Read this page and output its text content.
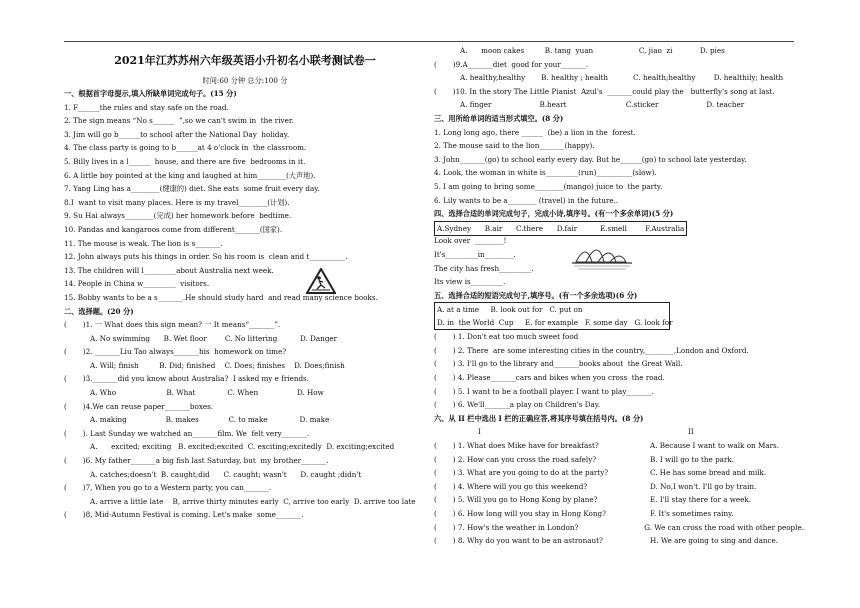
2021年江苏苏州六年级英语小升初名小联考测试卷一
时间:60 分钟 总分:100 分
一、根据首字母提示,填入所缺单词完成句子。(15 分)
1. F______the rules and stay safe on the road.
2. The sign means “No s______  ”,so we can't swim in  the river.
3. Jim will go b______to school after the National Day  holiday.
4. The class party is going to b______at 4 o'clock in  the classroom.
5. Billy lives in a l______  house, and there are five  bedrooms in it.
6. A little boy pointed at the king and laughed at him________(大声地).
7. Yang Ling has a________(健康的) diet. She eats  some fruit every day.
8.I  want to visit many places. Here is my travel________(计划).
9. Su Hai always________(完成) her homework before  bedtime.
10. Pandas and kangaroos come from different_______(国家).
11. The mouse is weak. The lion is s_______.
12. John always puts his things in order. So his room is  clean and t__________.
13. The children will l_________about Australia next week.
14. People in China w_________  visitors.
15. Bobby wants to be a s_______.He should study hard  and read many science books.
二、选择题。(20 分)
(       )1. 一 What does this sign mean? 一 It means“_______”.
A. No swimming      B. Wet floor        C. No littering          D. Danger
(       )2. _______Liu Tao always_______his  homework on time?
A. Will; finish         B. Did; finished    C. Does; finishes    D. Does;finish
(       )3._______did you know about Australia?  I asked my e friends.
A. Who                      B. What              C. When                 D. How
(       )4.We can reuse paper_______boxes.
A. making                 B. makes             C. to make              D. make
(       ). Last Sunday we watched an_______film. We  felt very_______.
A.      excited; exciting   B. excited;excited  C. exciting;excitedly  D. exciting;excited
(       )6. My father_______a big fish last Saturday, but  my brother_______.
A. catches;doesn't  B. caught;did      C. caught; wasn't      D. caught ;didn't
(       )7, When you go to a Western party, you can_______.
A. arrive a little late    B, arrive thirty minutes early  C, arrive too early  D. arrive too late
(       )8, Mid-Autumn Festival is coming. Let's make  some_______.
A.      moon cakes         B. tang  yuan                    C, jiao  zi            D. pies
(       )9.A_______diet  good for your_______.
A. healthy,healthy       B. healthy ; health           C. health;healthy        D. healthily; health
(       )10. In the story The Little Pianist  Azul's  _______could play the   butterfly's song at last.
A. finger                     B.heart                          C.sticker                     D. teacher
三、用所给单词的适当形式填空。(8 分)
1. Long long ago, there ______  (be) a lion in the  forest.
2. The mouse said to the lion_______(happy).
3. John_______(go) to school early every day. But he______(go) to school late yesterday.
4. Look, the woman in white is_________(run)__________(slow).
5. I am going to bring some________(mango) juice to  the party.
6. Lily wants to be a________ (travel) in the future..
四、选择合适的单词完成句子，完成小诗,填序号。(有一个多余单词)(5 分)
A.Sydney      B.air      C.there      D.fair          E.smell        F.Australia
Look over  ________!
It's_________in________.
The city has fresh_________.
Its view is_________.
五、选择合适的短语完成句子,填序号。(有一个多余选项)(6 分)
A. at a time     B. look out for   C. put on
D. in  the World  Cup     E. for example   F. some day   G. look for
(       ) 1. Don't eat too much sweet food
(       ) 2. There  are some interesting cities in the country,________,London and Oxford.
(       ) 3. I'll go to the library and_______books about  the Great Wall.
(       ) 4. Please_______cars and bikes when you cross  the road.
(       ) 5. I want to be a football player. I want to play_______.
(       ) 6. We'll_______a play on Children's Day.
六、从 II 栏中选出 I 栏的正确应答,将其序号填在括号内。(8 分)
I	II
(       ) 1. What does Mike have for breakfast?	A. Because I want to walk on Mars.
(       ) 2. How can you cross the road safely?	B. I will go to the park.
(       ) 3. What are you going to do at the party?	C. He has some bread and milk.
(       ) 4. Where will you go this weekend?	D. No,I won't. I'll go by train.
(       ) 5. Will you go to Hong Kong by plane?	E. I'll stay there for a week.
(       ) 6. How long will you stay in Hong Kong?	F. It's sometimes rainy.
(       ) 7. How's the weather in London?	G. We can cross the road with other people.
(       ) 8. Why do you want to be an astronaut?	H. We are going to sing and dance.
